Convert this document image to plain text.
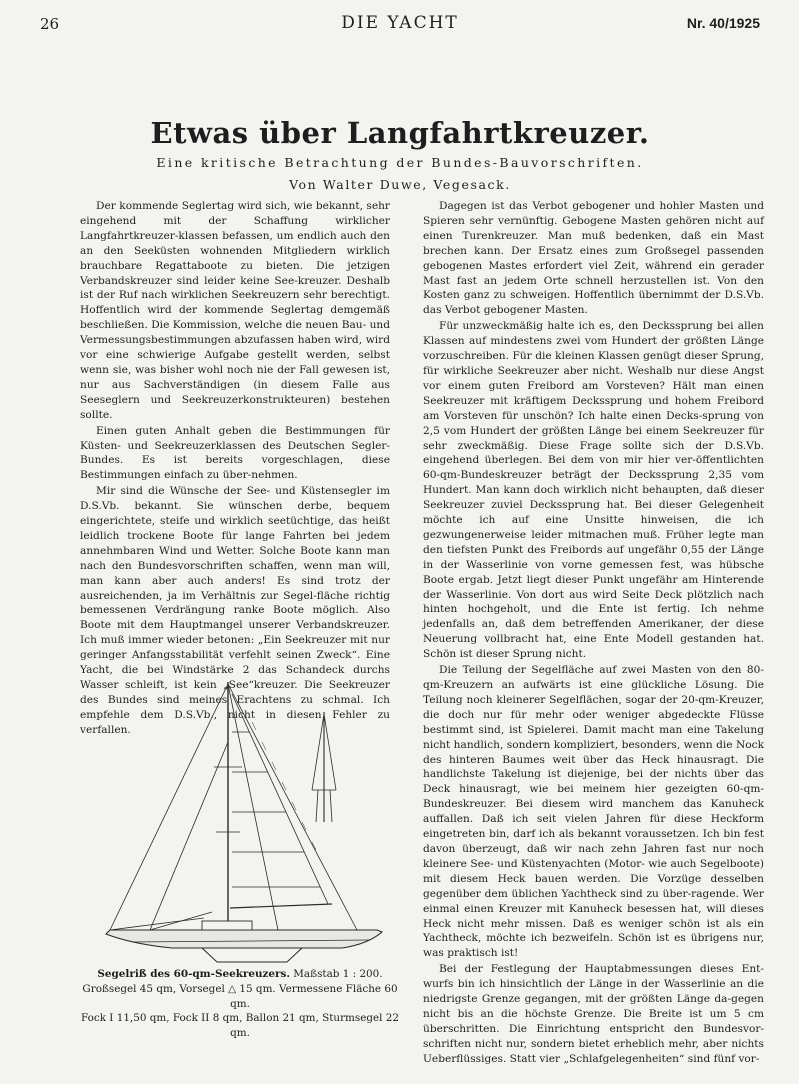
26	DIE YACHT	Nr. 40/1925
Etwas über Langfahrtkreuzer.
Eine kritische Betrachtung der Bundes-Bauvorschriften.
Von Walter Duwe, Vegesack.

Der kommende Seglertag wird sich, wie bekannt, sehr eingehend mit der Schaffung wirklicher Langfahrtkreuzer-klassen befassen, um endlich auch den an den Seeküsten wohnenden Mitgliedern wirklich brauchbare Regattaboote zu bieten. Die jetzigen Verbandskreuzer sind leider keine See-kreuzer. Deshalb ist der Ruf nach wirklichen Seekreuzern sehr berechtigt. Hoffentlich wird der kommende Seglertag demgemäß beschließen. Die Kommission, welche die neuen Bau- und Vermessungsbestimmungen abzufassen haben wird, wird vor eine schwierige Aufgabe gestellt werden, selbst wenn sie, was bisher wohl noch nie der Fall gewesen ist, nur aus Sachverständigen (in diesem Falle aus Seeseglern und Seekreuzerkonstrukteuren) bestehen sollte.

Einen guten Anhalt geben die Bestimmungen für Küsten- und Seekreuzerklassen des Deutschen Segler-Bundes. Es ist bereits vorgeschlagen, diese Bestimmungen einfach zu über-nehmen.

Mir sind die Wünsche der See- und Küstensegler im D.S.Vb. bekannt. Sie wünschen derbe, bequem eingerichtete, steife und wirklich seetüchtige, das heißt leidlich trockene Boote für lange Fahrten bei jedem annehmbaren Wind und Wetter. Solche Boote kann man nach den Bundesvorschriften schaffen, wenn man will, man kann aber auch anders! Es sind trotz der ausreichenden, ja im Verhältnis zur Segel-fläche richtig bemessenen Verdrängung ranke Boote möglich. Also Boote mit dem Hauptmangel unserer Verbandskreuzer. Ich muß immer wieder betonen: „Ein Seekreuzer mit nur geringer Anfangsstabilität verfehlt seinen Zweck“. Eine Yacht, die bei Windstärke 2 das Schandeck durchs Wasser schleift, ist kein „See“kreuzer. Die Seekreuzer des Bundes sind meines Erachtens zu schmal. Ich empfehle dem D.S.Vb., nicht in diesen Fehler zu verfallen.

Dagegen ist das Verbot gebogener und hohler Masten und Spieren sehr vernünftig. Gebogene Masten gehören nicht auf einen Turenkreuzer. Man muß bedenken, daß ein Mast brechen kann. Der Ersatz eines zum Großsegel passenden gebogenen Mastes erfordert viel Zeit, während ein gerader Mast fast an jedem Orte schnell herzustellen ist. Von den Kosten ganz zu schweigen. Hoffentlich übernimmt der D.S.Vb. das Verbot gebogener Masten.

Für unzweckmäßig halte ich es, den Deckssprung bei allen Klassen auf mindestens zwei vom Hundert der größten Länge vorzuschreiben. Für die kleinen Klassen genügt dieser Sprung, für wirkliche Seekreuzer aber nicht. Weshalb nur diese Angst vor einem guten Freibord am Vorsteven? Hält man einen Seekreuzer mit kräftigem Deckssprung und hohem Freibord am Vorsteven für unschön? Ich halte einen Decks-sprung von 2,5 vom Hundert der größten Länge bei einem Seekreuzer für sehr zweckmäßig. Diese Frage sollte sich der D.S.Vb. eingehend überlegen. Bei dem von mir hier ver-öffentlichten 60-qm-Bundeskreuzer beträgt der Deckssprung 2,35 vom Hundert. Man kann doch wirklich nicht behaupten, daß dieser Seekreuzer zuviel Deckssprung hat. Bei dieser Gelegenheit möchte ich auf eine Unsitte hinweisen, die ich gezwungenerweise leider mitmachen muß. Früher legte man den tiefsten Punkt des Freibords auf ungefähr 0,55 der Länge in der Wasserlinie von vorne gemessen fest, was hübsche Boote ergab. Jetzt liegt dieser Punkt ungefähr am Hinterende der Wasserlinie. Von dort aus wird Seite Deck plötzlich nach hinten hochgeholt, und die Ente ist fertig. Ich nehme jedenfalls an, daß dem betreffenden Amerikaner, der diese Neuerung vollbracht hat, eine Ente Modell gestanden hat. Schön ist dieser Sprung nicht.

Die Teilung der Segelfläche auf zwei Masten von den 80-qm-Kreuzern an aufwärts ist eine glückliche Lösung. Die Teilung noch kleinerer Segelflächen, sogar der 20-qm-Kreuzer, die doch nur für mehr oder weniger abgedeckte Flüsse bestimmt sind, ist Spielerei. Damit macht man eine Takelung nicht handlich, sondern kompliziert, besonders, wenn die Nock des hinteren Baumes weit über das Heck hinausragt. Die handlichste Takelung ist diejenige, bei der nichts über das Deck hinausragt, wie bei meinem hier gezeigten 60-qm-Bundeskreuzer. Bei diesem wird manchem das Kanuheck auffallen. Daß ich seit vielen Jahren für diese Heckform eingetreten bin, darf ich als bekannt voraussetzen. Ich bin fest davon überzeugt, daß wir nach zehn Jahren fast nur noch kleinere See- und Küstenyachten (Motor- wie auch Segelboote) mit diesem Heck bauen werden. Die Vorzüge desselben gegenüber dem üblichen Yachtheck sind zu über-ragende. Wer einmal einen Kreuzer mit Kanuheck besessen hat, will dieses Heck nicht mehr missen. Daß es weniger schön ist als ein Yachtheck, möchte ich bezweifeln. Schön ist es übrigens nur, was praktisch ist!

Bei der Festlegung der Hauptabmessungen dieses Ent-wurfs bin ich hinsichtlich der Länge in der Wasserlinie an die niedrigste Grenze gegangen, mit der größten Länge da-gegen nicht bis an die höchste Grenze. Die Breite ist um 5 cm überschritten. Die Einrichtung entspricht den Bundesvor-schriften nicht nur, sondern bietet erheblich mehr, aber nichts Ueberflüssiges. Statt vier „Schlafgelegenheiten“ sind fünf vor-

Segelriß des 60-qm-Seekreuzers. Maßstab 1 : 200.
Großsegel 45 qm, Vorsegel △ 15 qm. Vermessene Fläche 60 qm.
Fock I 11,50 qm, Fock II 8 qm, Ballon 21 qm, Sturmsegel 22 qm.
